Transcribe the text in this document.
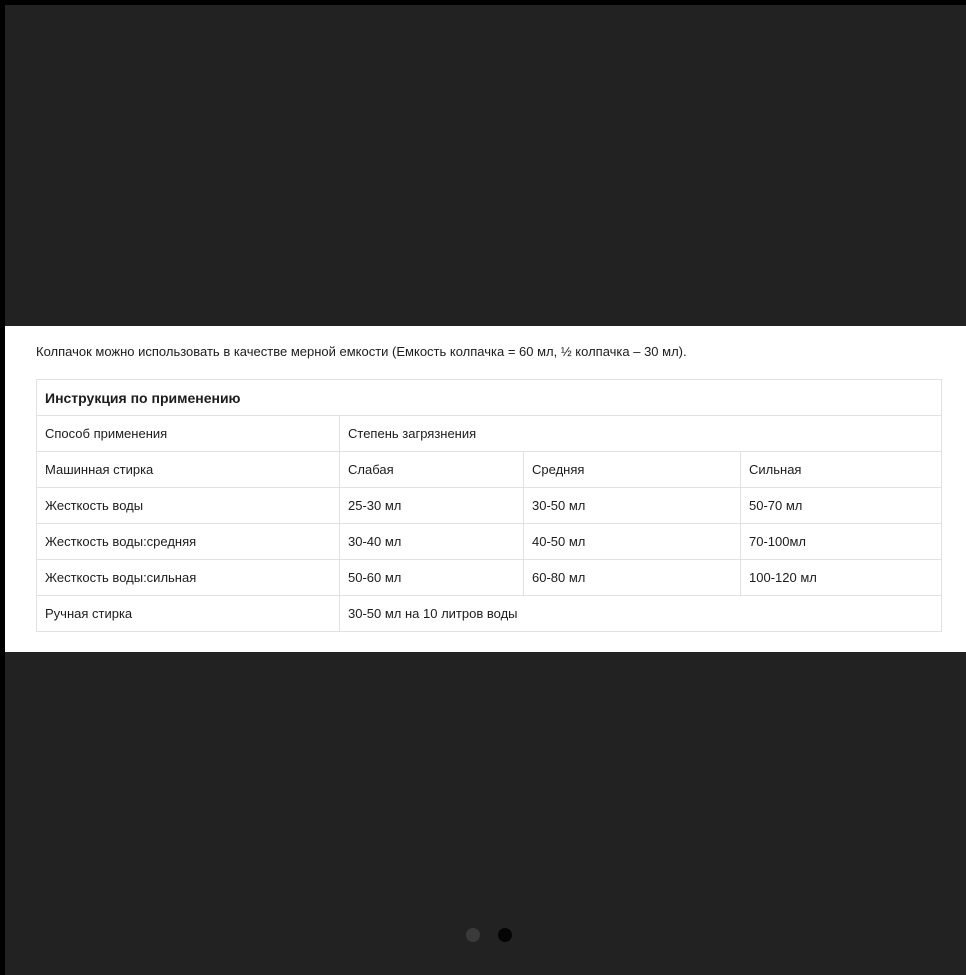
Колпачок можно использовать в качестве мерной емкости (Емкость колпачка = 60 мл, ½ колпачка – 30 мл).
Инструкция по применению			
Способ применения	Степень загрязнения		
Машинная стирка	Слабая	Средняя	Сильная
Жесткость воды	25-30 мл	30-50 мл	50-70 мл
Жесткость воды:средняя	30-40 мл	40-50 мл	70-100мл
Жесткость воды:сильная	50-60 мл	60-80 мл	100-120 мл
Ручная стирка	30-50 мл на 10 литров воды		
